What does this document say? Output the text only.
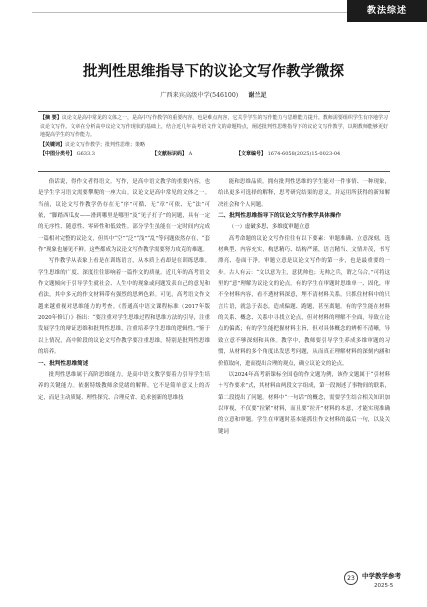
教法综述
批判性思维指导下的议论文写作教学微探
广西来宾高级中学(546100) 谢兰足
【摘 要】议论文是高中常见的文体之一，是高中写作教学的重要内容，也是难点内容，它关乎学生的写作能力与思维能力提升。教师需要组织学生有序地学习议论文写作。文章在分析高中议论文写作现状的基础上，结合近几年高考语文作文的命题特点，阐述批判性思维指导下的议论文写作教学，以期教师能够更好地提高学生的写作能力。
【关键词】议论文写作教学；批判性思维；策略
【中图分类号】 G633.3	【文献标识码】 A	【文章编号】 1674-6058(2025)15-0023-04

俗话说，得作文者得语文。写作，是高中语文教学的重要内容，也是学生学习语文需要攀爬的一座大山。议论文是高中常见的文体之一。当前，议论文写作教学仍存在无“序”可循、无“章”可依、无“法”可依，“脚踏西瓜皮——滑到哪里是哪里”及“见子打子”的问题，具有一定的无序性、随意性、零碎性和低效性。部分学生虽能在一定时间内完成一篇相对完整的议论文，但其中“空”“泛”“浅”“乱”等问题依然存在，“套作”现象也屡见不鲜。这些都成为议论文写作教学需要努力攻克的难题。

写作教学从表象上看是在训练语言，从本质上看却是在训练思维。学生思维的广度、深度往往影响着一篇作文的质量。近几年的高考语文作文题倾向于引导学生就社会、人生中的现象或问题发表自己的意见和看法，其中多元的作文材料带有强烈的思辨色彩。可见，高考语文作文越来越重视对思维能力的考查。《普通高中语文课程标准（2017年版2020年修订）》指出：“要注重对学生思维过程和思维方法的引导，注重发展学生的辩证思维和批判性思维，注重培养学生思维的逻辑性。”鉴于以上情况，高中阶段的议论文写作教学要注重思维，特别是批判性思维的培养。

一、批判性思维简述

批判性思维属于高阶思维能力，是高中语文教学要着力引导学生培养的关键能力。依据特级教师余党绪的解释，它不是简单意义上的否定，而是主动质疑、理性探究、合理反省、追求创新的思维技

能和思维品质。拥有批判性思维的学生能对一件事情、一种现象，给出更多可选择的解释，思考研究结果的意义，并运用所获得的新知解决社会和个人问题。

二、批判性思维指导下的议论文写作教学具体操作
（一）虚破多思，多维度审题立意

高考命题的议论文写作往往有以下要素：审题准确、立意深刻，选材典型、内容充实，构思精巧、结构严谨，语言精当、文情并茂，书写漂亮、卷面干净。审题立意是议论文写作的第一步，也是最重要的一步。古人有云：“文以意为主，意犹帅也；无帅之兵，谓之乌合。”可将这里的“意”理解为议论文的论点。有的学生在审题时思维单一、固化，审不全材料内容，看不透材料深意，埋不清材料关系，只抓住材料中的只言片语，就急于表态，造成偏题、跑题，甚至离题。有的学生能在材料的关系、概念、关系中寻找立论点，但对材料的理解不全面，导致立论点的偏离；有的学生能把握材料主旨，但对具体概念的辨析不清晰，导致立意不够深刻和具体。教学中，教师要引导学生养成多维审题的习惯，从材料的多个角度出发思考问题，从而真正理解材料的深刻内涵和价值取向，进而提出合理的观点，确立议论文的论点。

以2024年高考新课标全国卷的作文题为例，该作文题属于“引材料＋写作要求”式，其材料由两段文字组成，第一段阐述了事物间的联系，第二段提出了问题。材料中“一句话”的概念，需要学生结合相关知识加以审视，不仅要“拉紧”材料，而且要“拉开”材料的本意，才能实现准确的立意和审题。学生在审题时基本能抓住作文材料的最后一句，以及关键词

23	中学教学参考
2025·5
